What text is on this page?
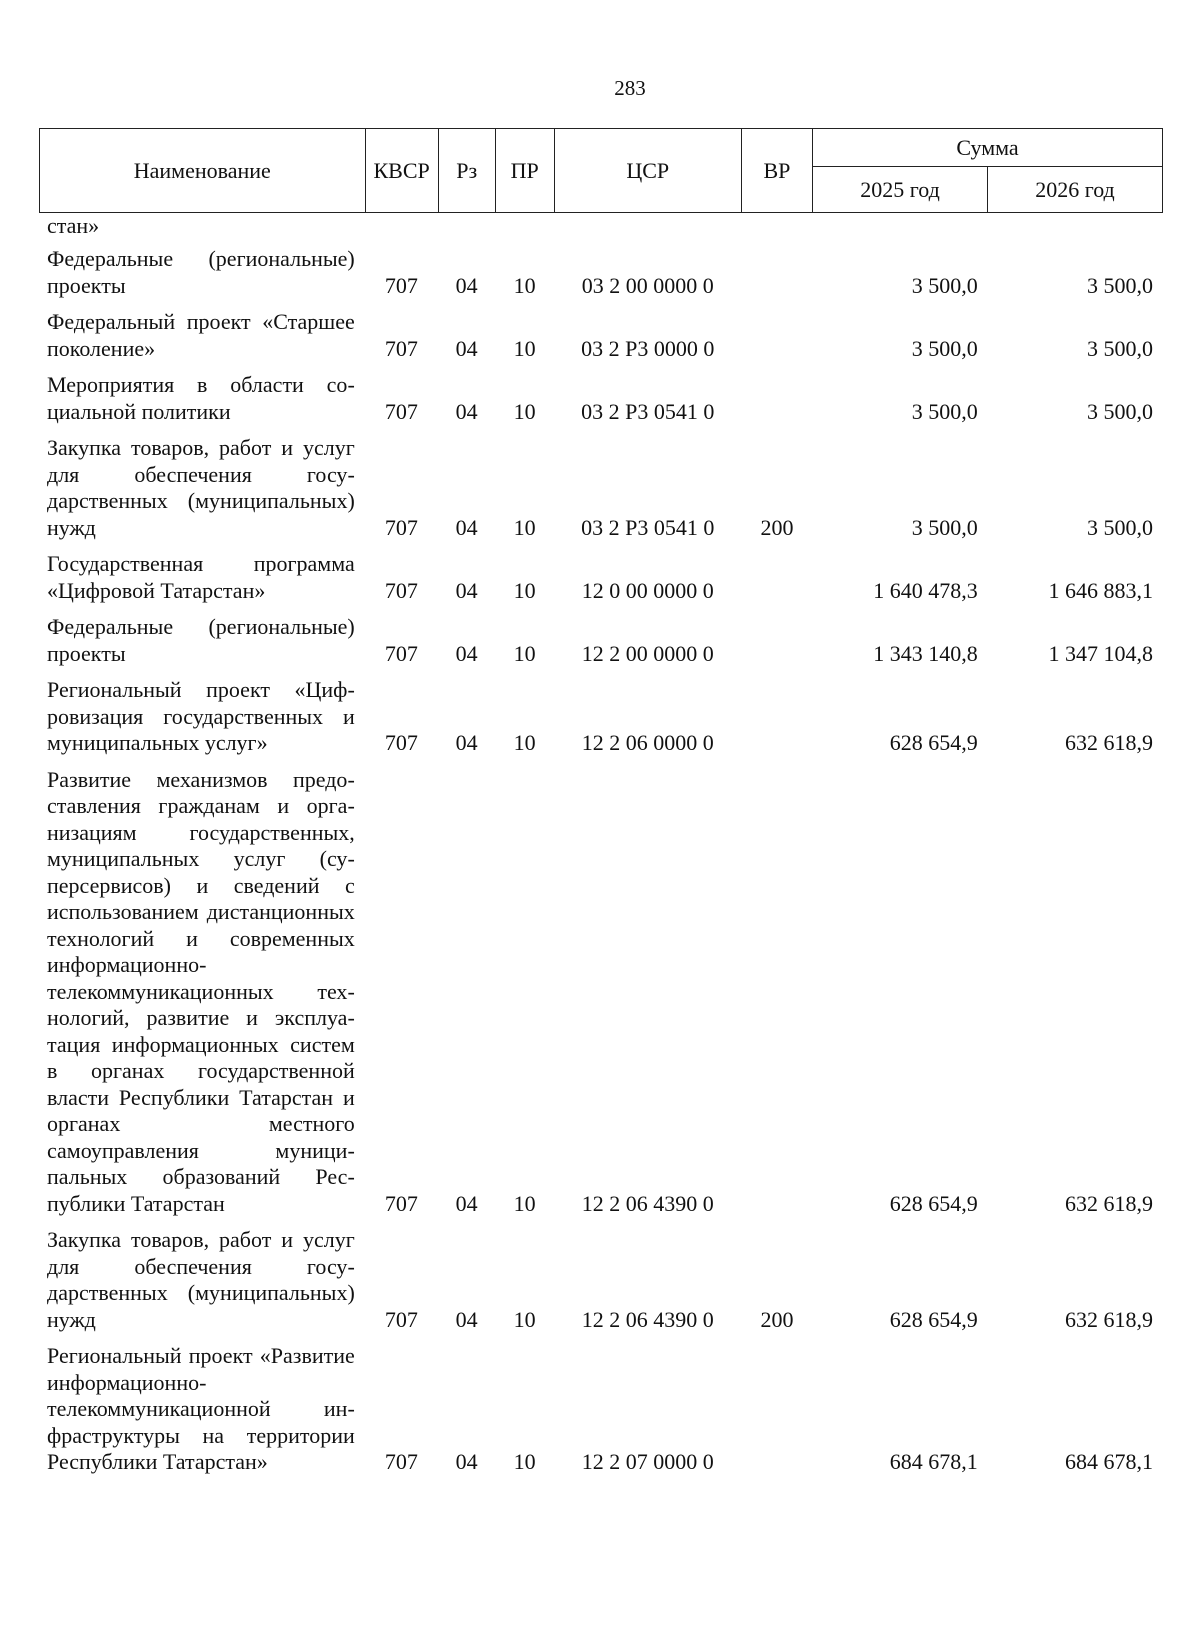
283
Наименование	КВСР	Рз	ПР	ЦСР	ВР	Сумма	
						2025 год	2026 год
стан»							
Федеральные (региональные) проекты	707	04	10	03 2 00 0000 0		3 500,0	3 500,0
Федеральный проект «Старшее поколение»	707	04	10	03 2 Р3 0000 0		3 500,0	3 500,0
Мероприятия в области социальной политики	707	04	10	03 2 Р3 0541 0		3 500,0	3 500,0
Закупка товаров, работ и услуг для обеспечения государственных (муниципальных) нужд	707	04	10	03 2 Р3 0541 0	200	3 500,0	3 500,0
Государственная программа «Цифровой Татарстан»	707	04	10	12 0 00 0000 0		1 640 478,3	1 646 883,1
Федеральные (региональные) проекты	707	04	10	12 2 00 0000 0		1 343 140,8	1 347 104,8
Региональный проект «Цифровизация государственных и муниципальных услуг»	707	04	10	12 2 06 0000 0		628 654,9	632 618,9
Развитие механизмов предоставления гражданам и организациям государственных, муниципальных услуг (суперсервисов) и сведений с использованием дистанционных технологий и современных информационно-телекоммуникационных технологий, развитие и эксплуатация информационных систем в органах государственной власти Республики Татарстан и органах местного самоуправления муниципальных образований Республики Татарстан	707	04	10	12 2 06 4390 0		628 654,9	632 618,9
Закупка товаров, работ и услуг для обеспечения государственных (муниципальных) нужд	707	04	10	12 2 06 4390 0	200	628 654,9	632 618,9
Региональный проект «Развитие информационно-телекоммуникационной инфраструктуры на территории Республики Татарстан»	707	04	10	12 2 07 0000 0		684 678,1	684 678,1
